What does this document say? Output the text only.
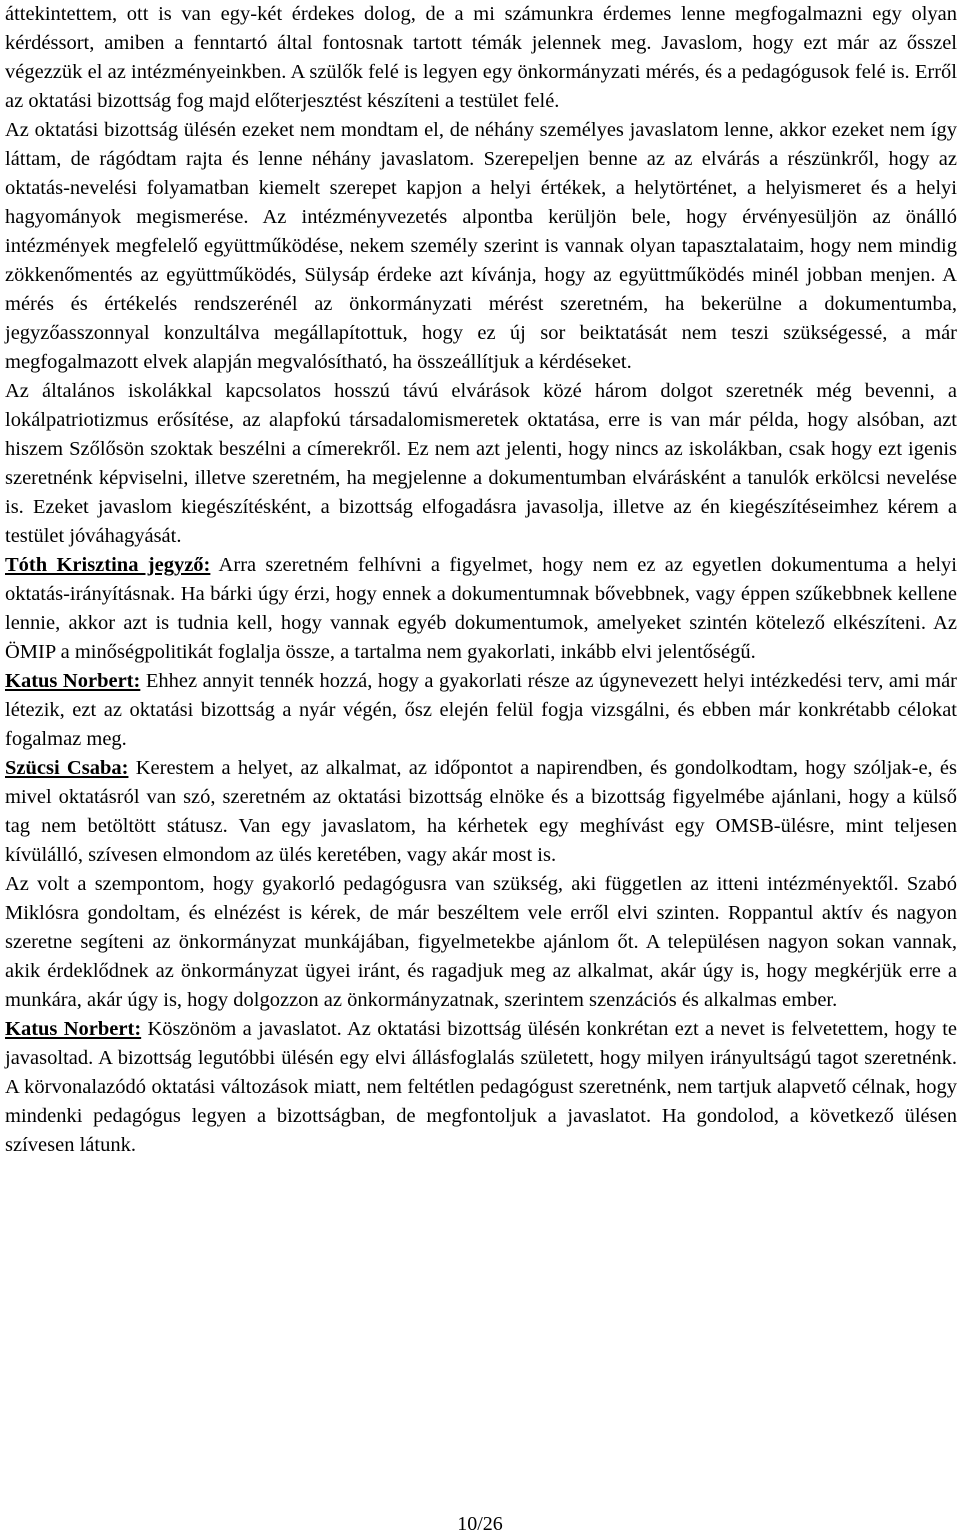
áttekintettem, ott is van egy-két érdekes dolog, de a mi számunkra érdemes lenne megfogalmazni egy olyan kérdéssort, amiben a fenntartó által fontosnak tartott témák jelennek meg. Javaslom, hogy ezt már az ősszel végezzük el az intézményeinkben. A szülők felé is legyen egy önkormányzati mérés, és a pedagógusok felé is. Erről az oktatási bizottság fog majd előterjesztést készíteni a testület felé.

Az oktatási bizottság ülésén ezeket nem mondtam el, de néhány személyes javaslatom lenne, akkor ezeket nem így láttam, de rágódtam rajta és lenne néhány javaslatom. Szerepeljen benne az az elvárás a részünkről, hogy az oktatás-nevelési folyamatban kiemelt szerepet kapjon a helyi értékek, a helytörténet, a helyismeret és a helyi hagyományok megismerése. Az intézményvezetés alpontba kerüljön bele, hogy érvényesüljön az önálló intézmények megfelelő együttműködése, nekem személy szerint is vannak olyan tapasztalataim, hogy nem mindig zökkenőmentés az együttműködés, Sülysáp érdeke azt kívánja, hogy az együttműködés minél jobban menjen. A mérés és értékelés rendszerénél az önkormányzati mérést szeretném, ha bekerülne a dokumentumba, jegyzőasszonnyal konzultálva megállapítottuk, hogy ez új sor beiktatását nem teszi szükségessé, a már megfogalmazott elvek alapján megvalósítható, ha összeállítjuk a kérdéseket.

Az általános iskolákkal kapcsolatos hosszú távú elvárások közé három dolgot szeretnék még bevenni, a lokálpatriotizmus erősítése, az alapfokú társadalomismeretek oktatása, erre is van már példa, hogy alsóban, azt hiszem Szőlősön szoktak beszélni a címerekről. Ez nem azt jelenti, hogy nincs az iskolákban, csak hogy ezt igenis szeretnénk képviselni, illetve szeretném, ha megjelenne a dokumentumban elvárásként a tanulók erkölcsi nevelése is. Ezeket javaslom kiegészítésként, a bizottság elfogadásra javasolja, illetve az én kiegészítéseimhez kérem a testület jóváhagyását.

Tóth Krisztina jegyző: Arra szeretném felhívni a figyelmet, hogy nem ez az egyetlen dokumentuma a helyi oktatás-irányításnak. Ha bárki úgy érzi, hogy ennek a dokumentumnak bővebbnek, vagy éppen szűkebbnek kellene lennie, akkor azt is tudnia kell, hogy vannak egyéb dokumentumok, amelyeket szintén kötelező elkészíteni. Az ÖMIP a minőségpolitikát foglalja össze, a tartalma nem gyakorlati, inkább elvi jelentőségű.

Katus Norbert: Ehhez annyit tennék hozzá, hogy a gyakorlati része az úgynevezett helyi intézkedési terv, ami már létezik, ezt az oktatási bizottság a nyár végén, ősz elején felül fogja vizsgálni, és ebben már konkrétabb célokat fogalmaz meg.

Szücsi Csaba: Kerestem a helyet, az alkalmat, az időpontot a napirendben, és gondolkodtam, hogy szóljak-e, és mivel oktatásról van szó, szeretném az oktatási bizottság elnöke és a bizottság figyelmébe ajánlani, hogy a külső tag nem betöltött státusz. Van egy javaslatom, ha kérhetek egy meghívást egy OMSB-ülésre, mint teljesen kívülálló, szívesen elmondom az ülés keretében, vagy akár most is.

Az volt a szempontom, hogy gyakorló pedagógusra van szükség, aki független az itteni intézményektől. Szabó Miklósra gondoltam, és elnézést is kérek, de már beszéltem vele erről elvi szinten. Roppantul aktív és nagyon szeretne segíteni az önkormányzat munkájában, figyelmetekbe ajánlom őt. A településen nagyon sokan vannak, akik érdeklődnek az önkormányzat ügyei iránt, és ragadjuk meg az alkalmat, akár úgy is, hogy megkérjük erre a munkára, akár úgy is, hogy dolgozzon az önkormányzatnak, szerintem szenzációs és alkalmas ember.

Katus Norbert: Köszönöm a javaslatot. Az oktatási bizottság ülésén konkrétan ezt a nevet is felvetettem, hogy te javasoltad. A bizottság legutóbbi ülésén egy elvi állásfoglalás született, hogy milyen irányultságú tagot szeretnénk. A körvonalazódó oktatási változások miatt, nem feltétlen pedagógust szeretnénk, nem tartjuk alapvető célnak, hogy mindenki pedagógus legyen a bizottságban, de megfontoljuk a javaslatot. Ha gondolod, a következő ülésen szívesen látunk.

10/26
